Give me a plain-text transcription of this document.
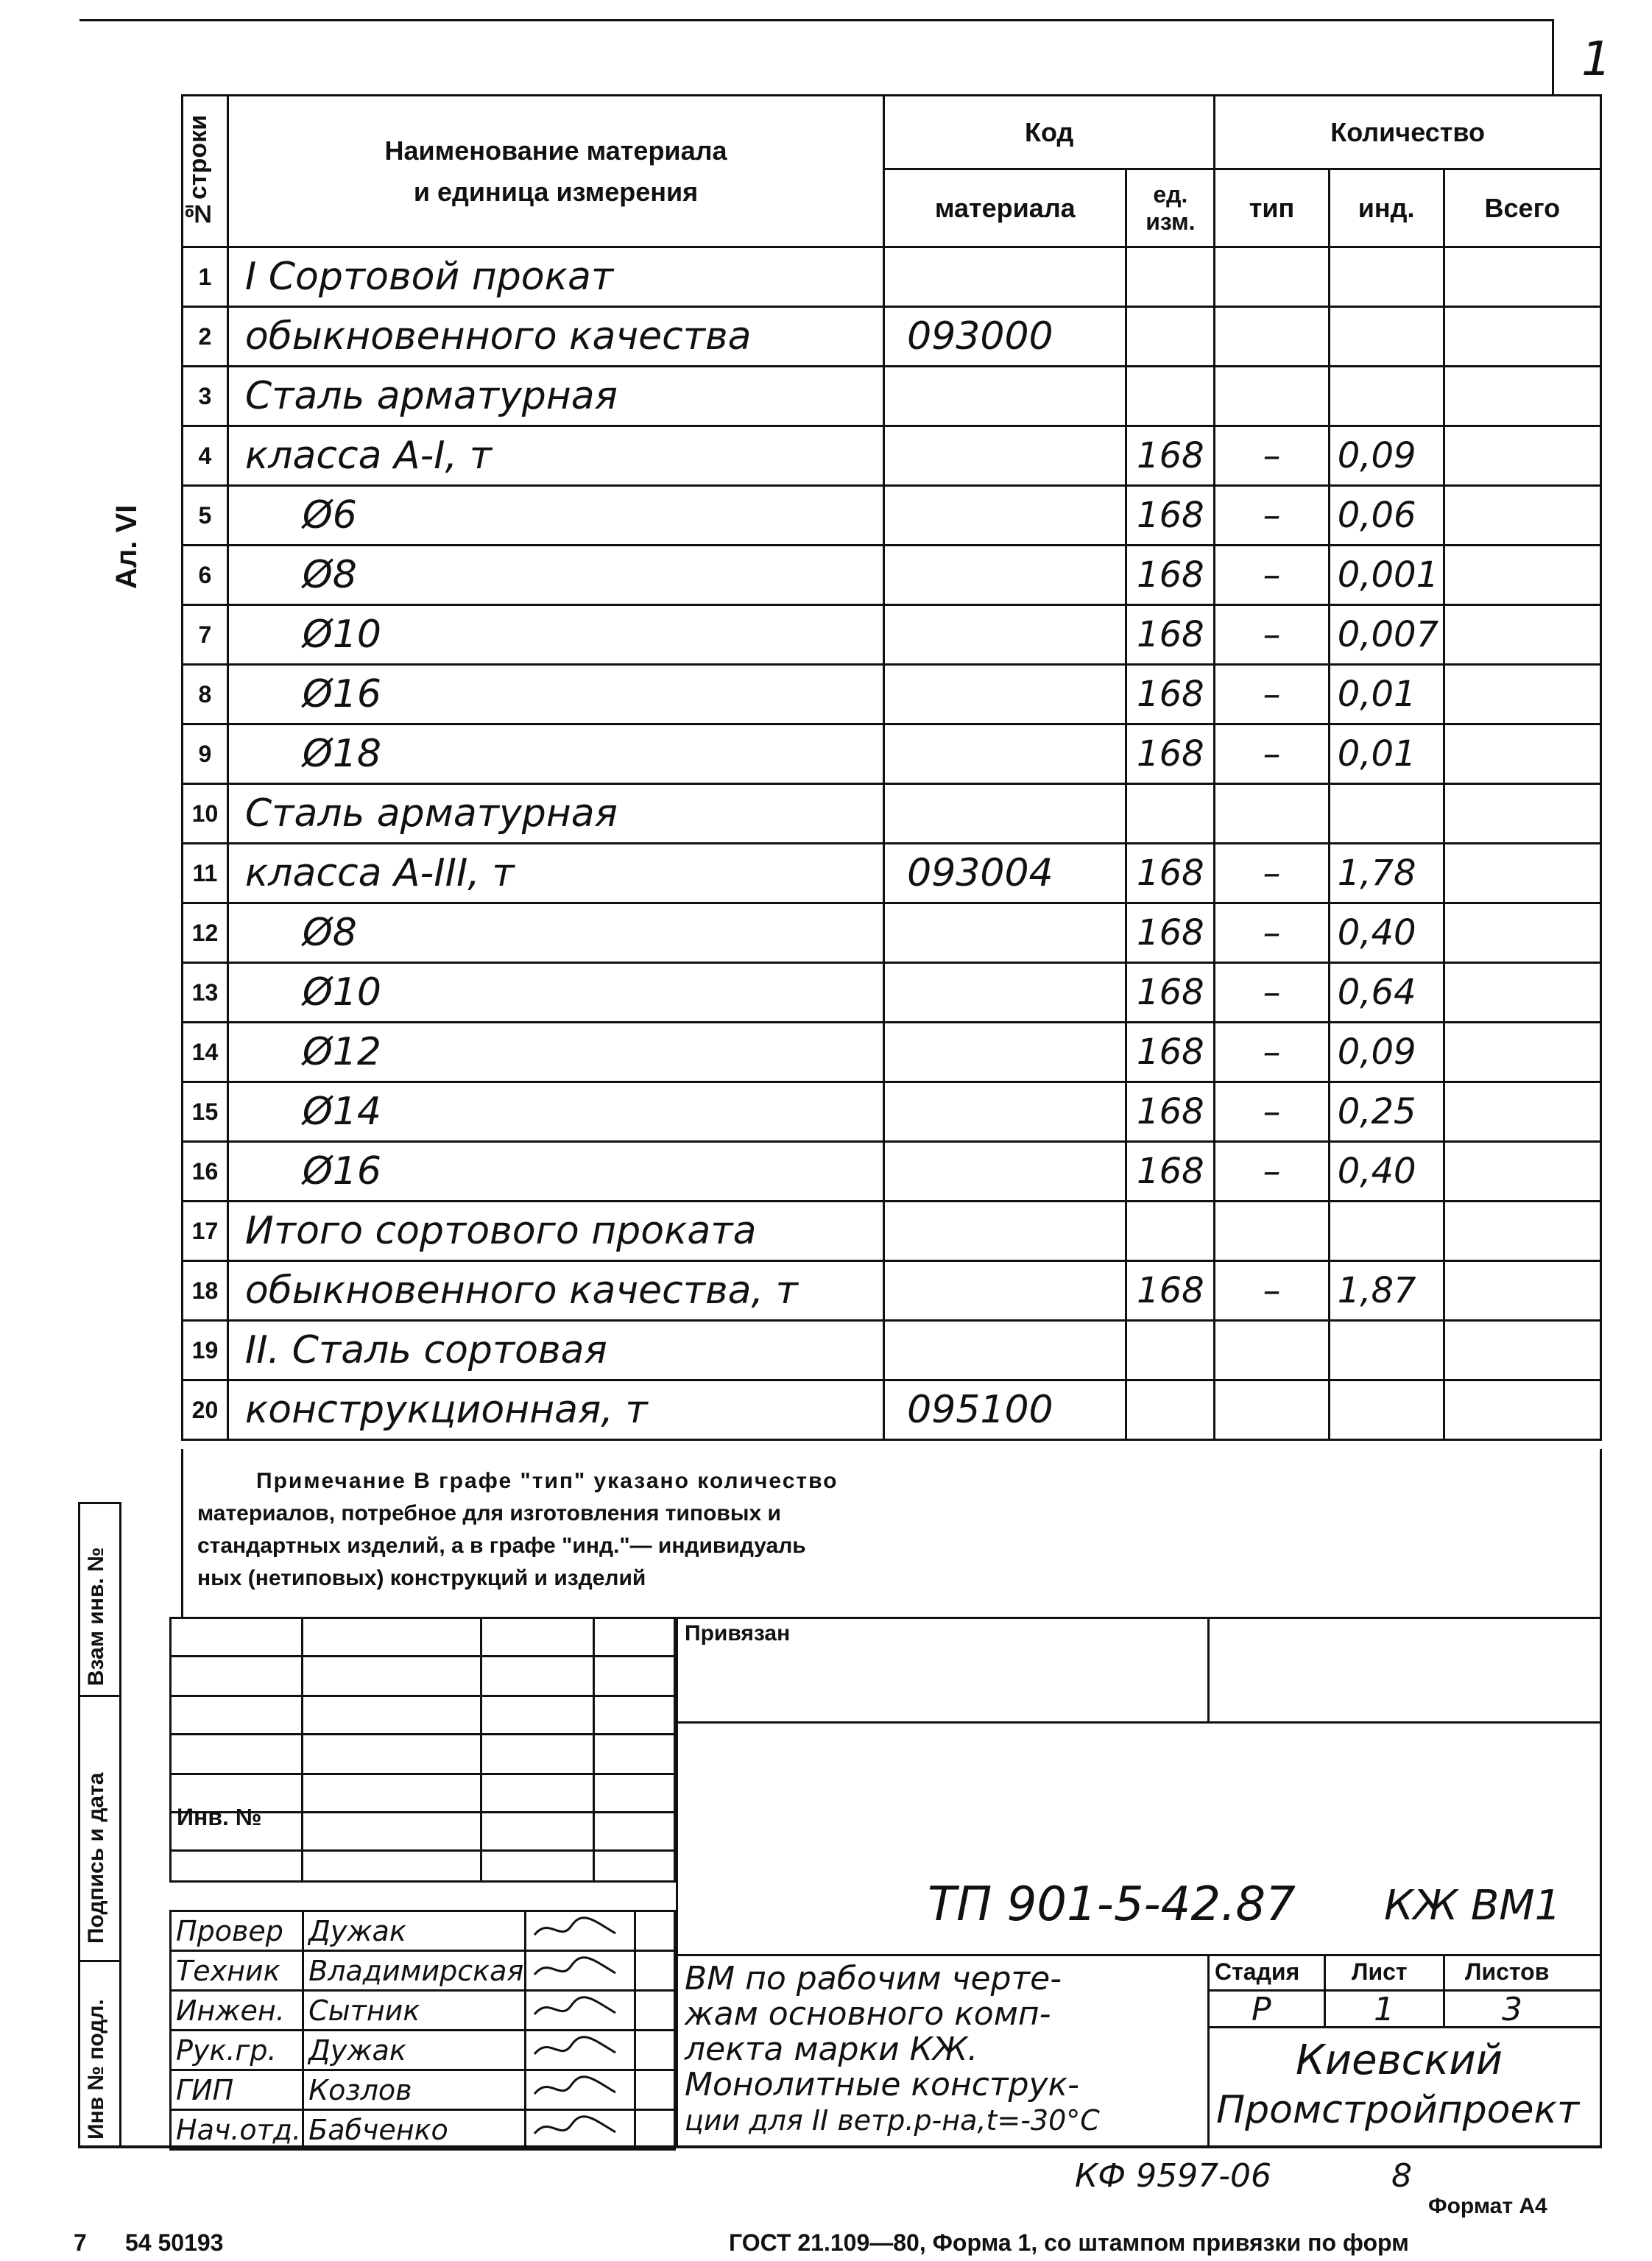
1
Ал. VI
№строки	Наименование материала
и единица измерения	Код		Количество		
		материала	ед. изм.	тип	инд.	Всего
1	I Сортовой прокат					
2	обыкновенного качества	093000				
3	Сталь арматурная					
4	класса А-I, т		168	–	0,09	
5	Ø6		168	–	0,06	
6	Ø8		168	–	0,001	
7	Ø10		168	–	0,007	
8	Ø16		168	–	0,01	
9	Ø18		168	–	0,01	
10	Сталь арматурная					
11	класса А-III, т	093004	168	–	1,78	
12	Ø8		168	–	0,40	
13	Ø10		168	–	0,64	
14	Ø12		168	–	0,09	
15	Ø14		168	–	0,25	
16	Ø16		168	–	0,40	
17	Итого сортового проката					
18	обыкновенного качества, т		168	–	1,87	
19	II. Сталь сортовая					
20	конструкционная, т	095100				
Примечание В графе "тип" указано количество
материалов, потребное для изготовления типовых и
стандартных изделий, а в графе "инд."— индивидуаль
ных (нетиповых) конструкций и изделий
Взам инв. №
Подпись и дата
Инв № подл.

Провер	Дужак		
Техник	Владимирская		
Инжен.	Сытник		
Рук.гр.	Дужак		
ГИП	Козлов		
Нач.отд.	Бабченко		
Привязан
Инв. №
ТП 901-5-42.87 КЖ ВМ1
ВМ по рабочим черте-
жам основного комп-
лекта марки КЖ.
Монолитные конструк-
ции для II ветр.р-на,t=-30°С
Стадия Лист Листов
Р	1	3
Киевский
Промстройпроект
КФ 9597-06	8
Формат А4
7 54 50193	ГОСТ 21.109—80, Форма 1, со штампом привязки по форм
